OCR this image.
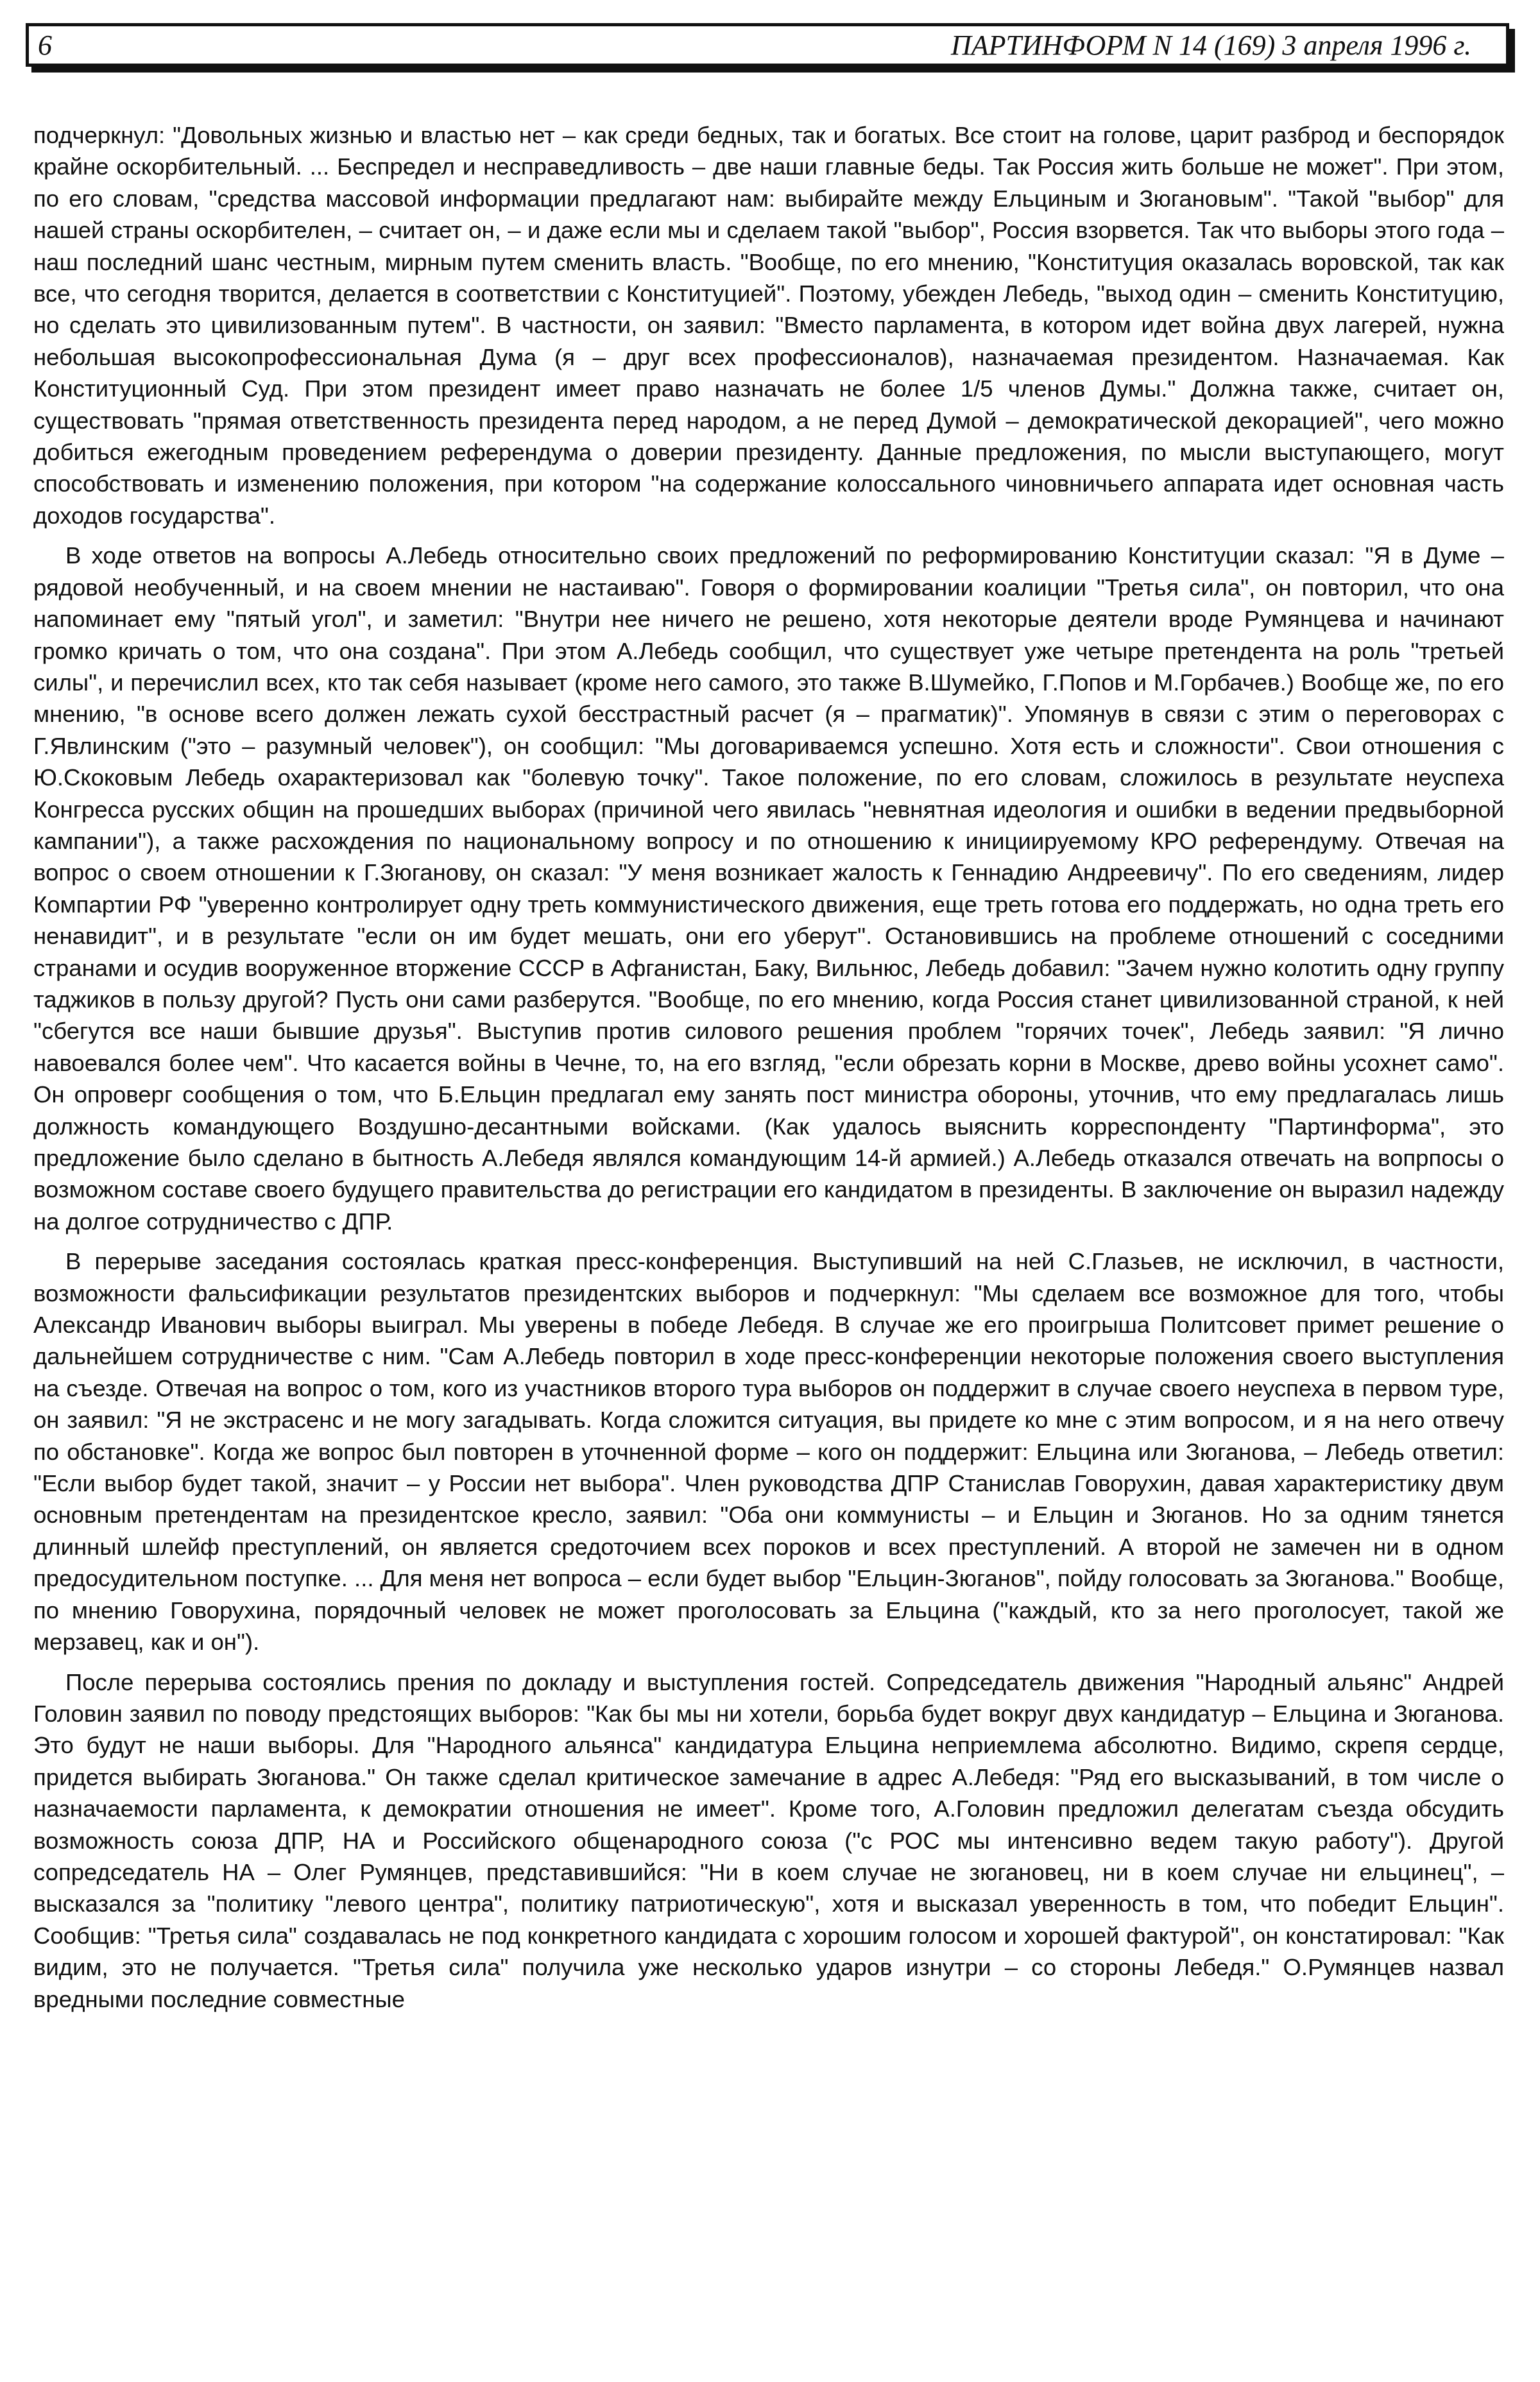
6	ПАРТИНФОРМ N 14 (169) 3 апреля 1996 г.

подчеркнул: "Довольных жизнью и властью нет – как среди бедных, так и богатых. Все стоит на голове, царит разброд и беспорядок крайне оскорбительный. ... Беспредел и несправедливость – две наши главные беды. Так Россия жить больше не может". При этом, по его словам, "средства массовой информации предлагают нам: выбирайте между Ельциным и Зюгановым". "Такой "выбор" для нашей страны оскорбителен, – считает он, – и даже если мы и сделаем такой "выбор", Россия взорвется. Так что выборы этого года – наш последний шанс честным, мирным путем сменить власть. "Вообще, по его мнению, "Конституция оказалась воровской, так как все, что сегодня творится, делается в соответствии с Конституцией". Поэтому, убежден Лебедь, "выход один – сменить Конституцию, но сделать это цивилизованным путем". В частности, он заявил: "Вместо парламента, в котором идет война двух лагерей, нужна небольшая высокопрофессиональная Дума (я – друг всех профессионалов), назначаемая президентом. Назначаемая. Как Конституционный Суд. При этом президент имеет право назначать не более 1/5 членов Думы." Должна также, считает он, существовать "прямая ответственность президента перед народом, а не перед Думой – демократической декорацией", чего можно добиться ежегодным проведением референдума о доверии президенту. Данные предложения, по мысли выступающего, могут способствовать и изменению положения, при котором "на содержание колоссального чиновничьего аппарата идет основная часть доходов государства".

В ходе ответов на вопросы А.Лебедь относительно своих предложений по реформированию Конституции сказал: "Я в Думе – рядовой необученный, и на своем мнении не настаиваю". Говоря о формировании коалиции "Третья сила", он повторил, что она напоминает ему "пятый угол", и заметил: "Внутри нее ничего не решено, хотя некоторые деятели вроде Румянцева и начинают громко кричать о том, что она создана". При этом А.Лебедь сообщил, что существует уже четыре претендента на роль "третьей силы", и перечислил всех, кто так себя называет (кроме него самого, это также В.Шумейко, Г.Попов и М.Горбачев.) Вообще же, по его мнению, "в основе всего должен лежать сухой бесстрастный расчет (я – прагматик)". Упомянув в связи с этим о переговорах с Г.Явлинским ("это – разумный человек"), он сообщил: "Мы договариваемся успешно. Хотя есть и сложности". Свои отношения с Ю.Скоковым Лебедь охарактеризовал как "болевую точку". Такое положение, по его словам, сложилось в результате неуспеха Конгресса русских общин на прошедших выборах (причиной чего явилась "невнятная идеология и ошибки в ведении предвыборной кампании"), а также расхождения по национальному вопросу и по отношению к инициируемому КРО референдуму. Отвечая на вопрос о своем отношении к Г.Зюганову, он сказал: "У меня возникает жалость к Геннадию Андреевичу". По его сведениям, лидер Компартии РФ "уверенно контролирует одну треть коммунистического движения, еще треть готова его поддержать, но одна треть его ненавидит", и в результате "если он им будет мешать, они его уберут". Остановившись на проблеме отношений с соседними странами и осудив вооруженное вторжение СССР в Афганистан, Баку, Вильнюс, Лебедь добавил: "Зачем нужно колотить одну группу таджиков в пользу другой? Пусть они сами разберутся. "Вообще, по его мнению, когда Россия станет цивилизованной страной, к ней "сбегутся все наши бывшие друзья". Выступив против силового решения проблем "горячих точек", Лебедь заявил: "Я лично навоевался более чем". Что касается войны в Чечне, то, на его взгляд, "если обрезать корни в Москве, древо войны усохнет само". Он опроверг сообщения о том, что Б.Ельцин предлагал ему занять пост министра обороны, уточнив, что ему предлагалась лишь должность командующего Воздушно-десантными войсками. (Как удалось выяснить корреспонденту "Партинформа", это предложение было сделано в бытность А.Лебедя являлся командующим 14-й армией.) А.Лебедь отказался отвечать на вопрпосы о возможном составе своего будущего правительства до регистрации его кандидатом в президенты. В заключение он выразил надежду на долгое сотрудничество с ДПР.

В перерыве заседания состоялась краткая пресс-конференция. Выступивший на ней С.Глазьев, не исключил, в частности, возможности фальсификации результатов президентских выборов и подчеркнул: "Мы сделаем все возможное для того, чтобы Александр Иванович выборы выиграл. Мы уверены в победе Лебедя. В случае же его проигрыша Политсовет примет решение о дальнейшем сотрудничестве с ним. "Сам А.Лебедь повторил в ходе пресс-конференции некоторые положения своего выступления на съезде. Отвечая на вопрос о том, кого из участников второго тура выборов он поддержит в случае своего неуспеха в первом туре, он заявил: "Я не экстрасенс и не могу загадывать. Когда сложится ситуация, вы придете ко мне с этим вопросом, и я на него отвечу по обстановке". Когда же вопрос был повторен в уточненной форме – кого он поддержит: Ельцина или Зюганова, – Лебедь ответил: "Если выбор будет такой, значит – у России нет выбора". Член руководства ДПР Станислав Говорухин, давая характеристику двум основным претендентам на президентское кресло, заявил: "Оба они коммунисты – и Ельцин и Зюганов. Но за одним тянется длинный шлейф преступлений, он является средоточием всех пороков и всех преступлений. А второй не замечен ни в одном предосудительном поступке. ... Для меня нет вопроса – если будет выбор "Ельцин-Зюганов", пойду голосовать за Зюганова." Вообще, по мнению Говорухина, порядочный человек не может проголосовать за Ельцина ("каждый, кто за него проголосует, такой же мерзавец, как и он").

После перерыва состоялись прения по докладу и выступления гостей. Сопредседатель движения "Народный альянс" Андрей Головин заявил по поводу предстоящих выборов: "Как бы мы ни хотели, борьба будет вокруг двух кандидатур – Ельцина и Зюганова. Это будут не наши выборы. Для "Народного альянса" кандидатура Ельцина неприемлема абсолютно. Видимо, скрепя сердце, придется выбирать Зюганова." Он также сделал критическое замечание в адрес А.Лебедя: "Ряд его высказываний, в том числе о назначаемости парламента, к демократии отношения не имеет". Кроме того, А.Головин предложил делегатам съезда обсудить возможность союза ДПР, НА и Российского общенародного союза ("с РОС мы интенсивно ведем такую работу"). Другой сопредседатель НА – Олег Румянцев, представившийся: "Ни в коем случае не зюгановец, ни в коем случае ни ельцинец", – высказался за "политику "левого центра", политику патриотическую", хотя и высказал уверенность в том, что победит Ельцин". Сообщив: "Третья сила" создавалась не под конкретного кандидата с хорошим голосом и хорошей фактурой", он констатировал: "Как видим, это не получается. "Третья сила" получила уже несколько ударов изнутри – со стороны Лебедя." О.Румянцев назвал вредными последние совместные
